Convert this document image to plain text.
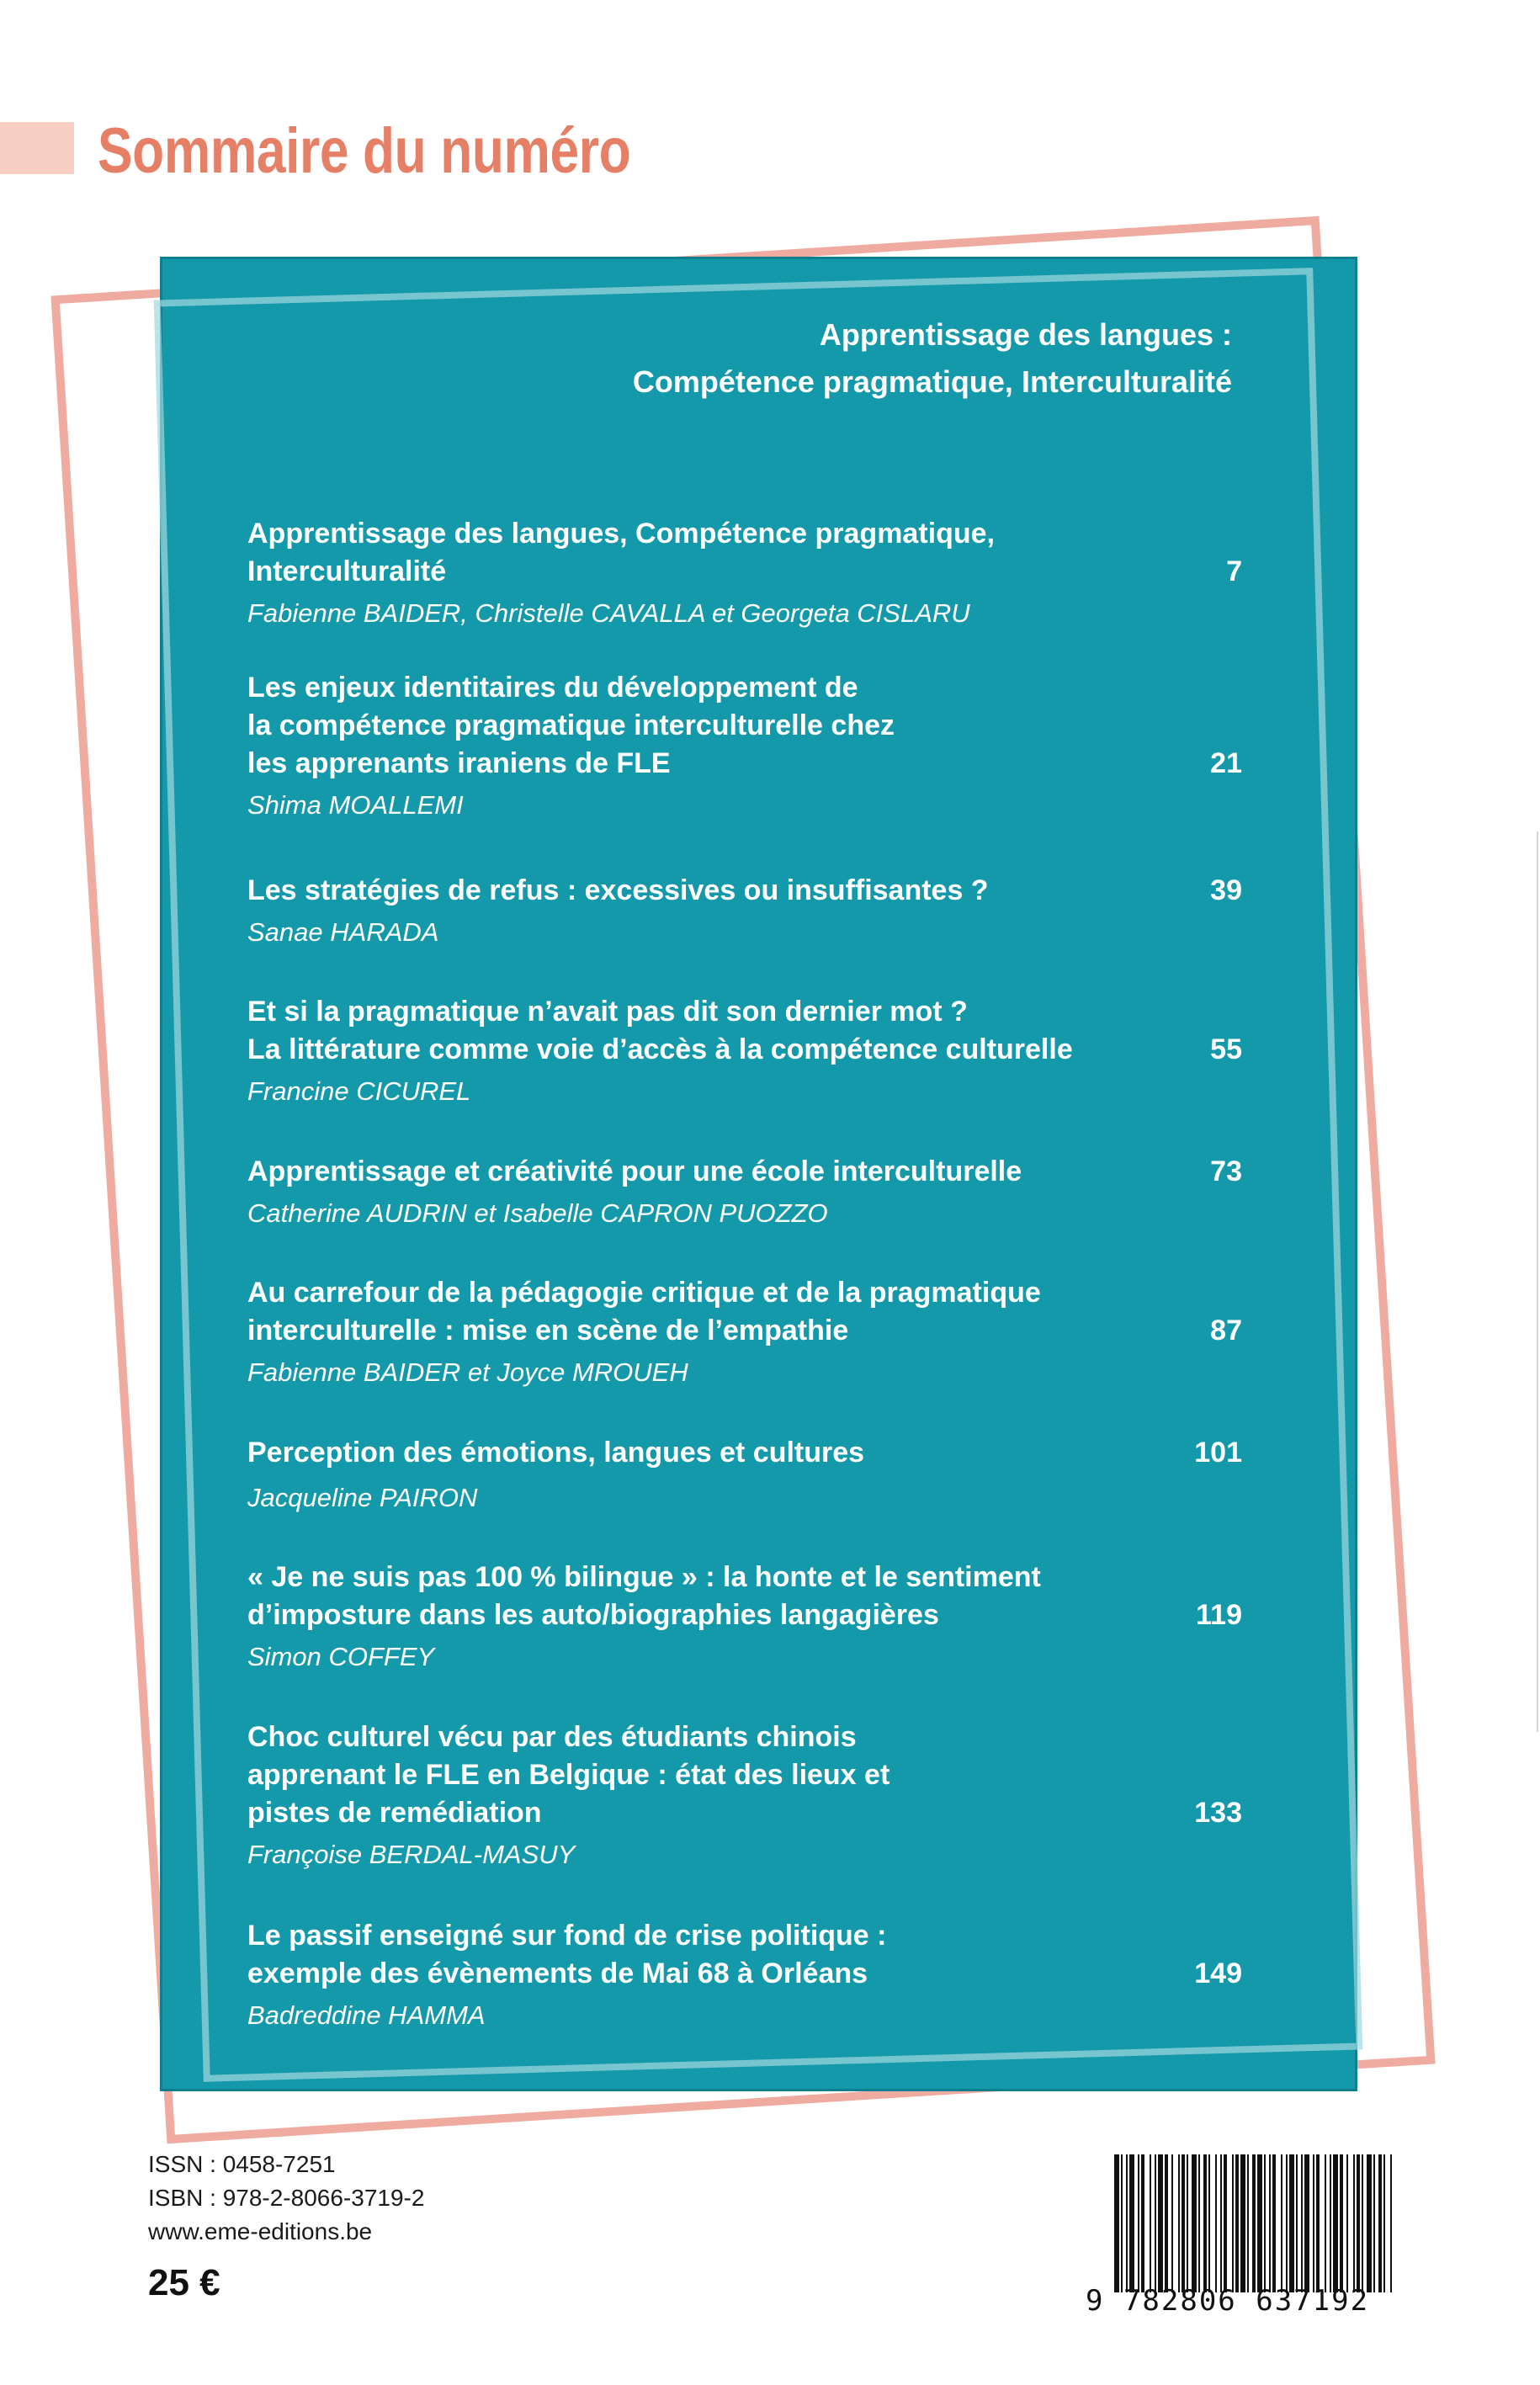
Sommaire du numéro
Apprentissage des langues :
Compétence pragmatique, Interculturalité
Apprentissage des langues, Compétence pragmatique,
Interculturalité	7
Fabienne BAIDER, Christelle CAVALLA et Georgeta CISLARU
Les enjeux identitaires du développement de
la compétence pragmatique interculturelle chez
les apprenants iraniens de FLE	21
Shima MOALLEMI
Les stratégies de refus : excessives ou insuffisantes ?	39
Sanae HARADA
Et si la pragmatique n’avait pas dit son dernier mot ?
La littérature comme voie d’accès à la compétence culturelle	55
Francine CICUREL
Apprentissage et créativité pour une école interculturelle	73
Catherine AUDRIN et Isabelle CAPRON PUOZZO
Au carrefour de la pédagogie critique et de la pragmatique
interculturelle : mise en scène de l’empathie	87
Fabienne BAIDER et Joyce MROUEH
Perception des émotions, langues et cultures	101
Jacqueline PAIRON
« Je ne suis pas 100 % bilingue » : la honte et le sentiment
d’imposture dans les auto/biographies langagières	119
Simon COFFEY
Choc culturel vécu par des étudiants chinois
apprenant le FLE en Belgique : état des lieux et
pistes de remédiation	133
Françoise BERDAL-MASUY
Le passif enseigné sur fond de crise politique :
exemple des évènements de Mai 68 à Orléans	149
Badreddine HAMMA
ISSN : 0458-7251
ISBN : 978-2-8066-3719-2
www.eme-editions.be
25 €	9 782806 637192
